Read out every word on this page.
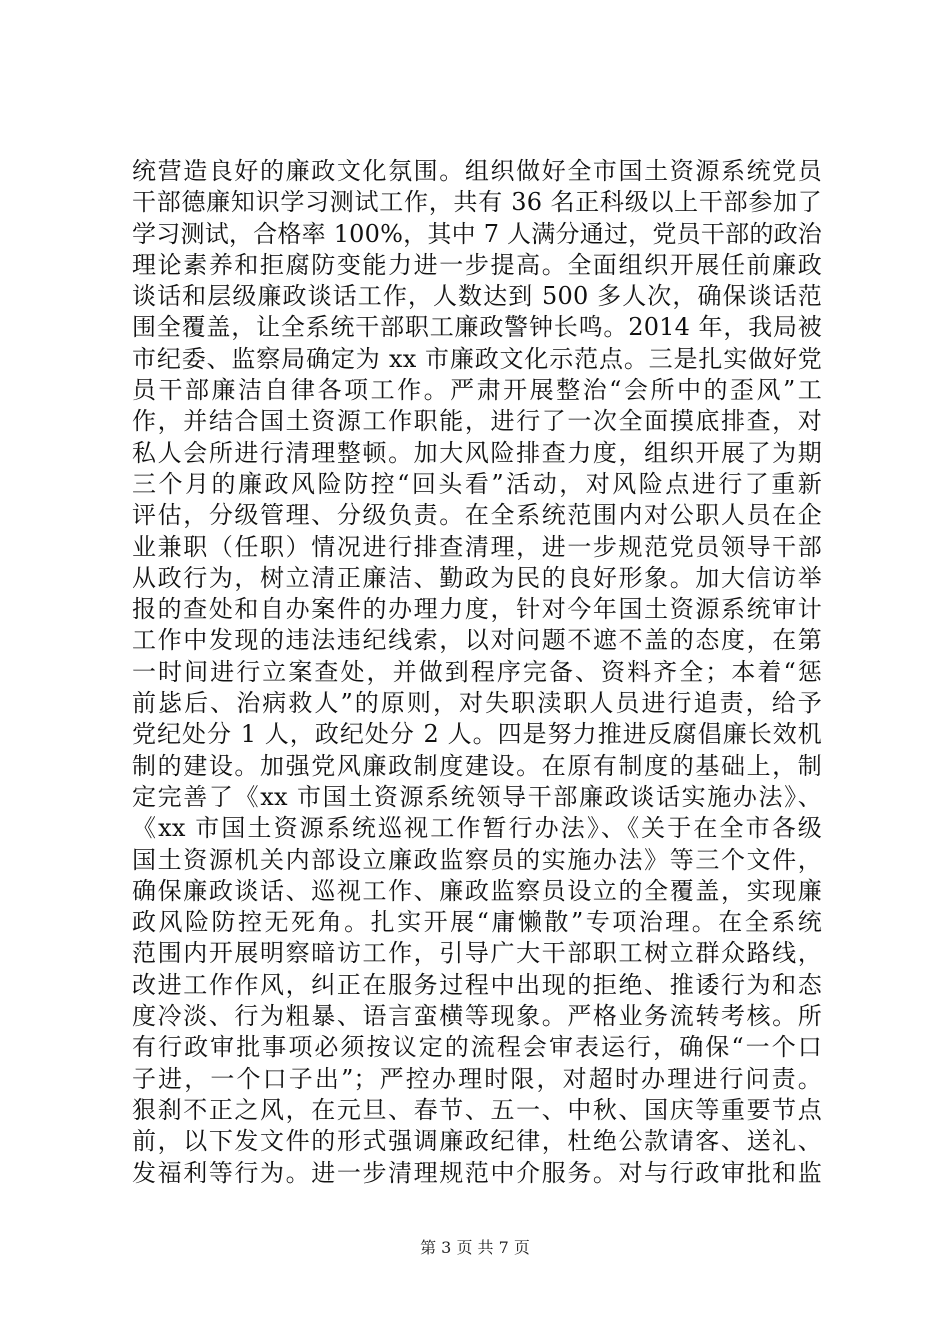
统营造良好的廉政文化氛围。组织做好全市国土资源系统党员
干部德廉知识学习测试工作，共有 36 名正科级以上干部参加了
学习测试，合格率 100%，其中 7 人满分通过，党员干部的政治
理论素养和拒腐防变能力进一步提高。全面组织开展任前廉政
谈话和层级廉政谈话工作，人数达到 500 多人次，确保谈话范
围全覆盖，让全系统干部职工廉政警钟长鸣。2014 年，我局被
市纪委、监察局确定为 xx 市廉政文化示范点。三是扎实做好党
员干部廉洁自律各项工作。严肃开展整治“会所中的歪风”工
作，并结合国土资源工作职能，进行了一次全面摸底排查，对
私人会所进行清理整顿。加大风险排查力度，组织开展了为期
三个月的廉政风险防控“回头看”活动，对风险点进行了重新
评估，分级管理、分级负责。在全系统范围内对公职人员在企
业兼职（任职）情况进行排查清理，进一步规范党员领导干部
从政行为，树立清正廉洁、勤政为民的良好形象。加大信访举
报的查处和自办案件的办理力度，针对今年国土资源系统审计
工作中发现的违法违纪线索，以对问题不遮不盖的态度，在第
一时间进行立案查处，并做到程序完备、资料齐全；本着“惩
前毖后、治病救人”的原则，对失职渎职人员进行追责，给予
党纪处分 1 人，政纪处分 2 人。四是努力推进反腐倡廉长效机
制的建设。加强党风廉政制度建设。在原有制度的基础上，制
定完善了《xx 市国土资源系统领导干部廉政谈话实施办法》、
《xx 市国土资源系统巡视工作暂行办法》、《关于在全市各级
国土资源机关内部设立廉政监察员的实施办法》等三个文件，
确保廉政谈话、巡视工作、廉政监察员设立的全覆盖，实现廉
政风险防控无死角。扎实开展“庸懒散”专项治理。在全系统
范围内开展明察暗访工作，引导广大干部职工树立群众路线，
改进工作作风，纠正在服务过程中出现的拒绝、推诿行为和态
度冷淡、行为粗暴、语言蛮横等现象。严格业务流转考核。所
有行政审批事项必须按议定的流程会审表运行，确保“一个口
子进，一个口子出”；严控办理时限，对超时办理进行问责。
狠刹不正之风，在元旦、春节、五一、中秋、国庆等重要节点
前，以下发文件的形式强调廉政纪律，杜绝公款请客、送礼、
发福利等行为。进一步清理规范中介服务。对与行政审批和监
第 3 页 共 7 页
